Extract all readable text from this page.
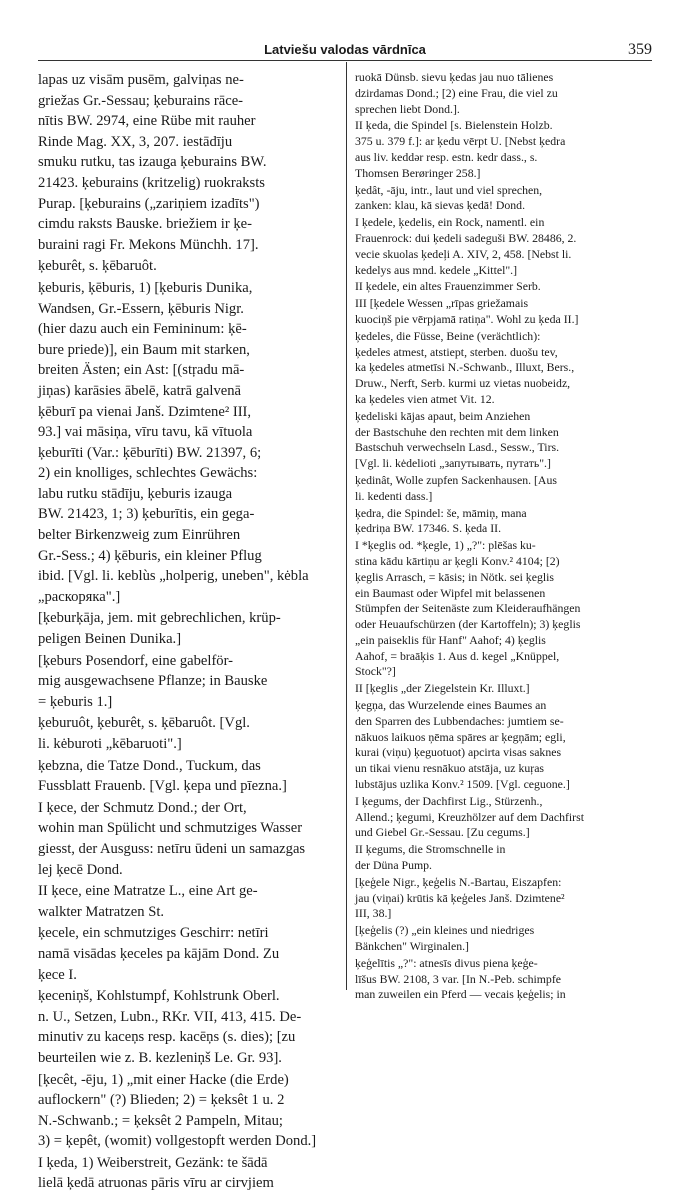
Latviešu valodas vārdnīca	359
lapas uz visām pusēm, galviņas ne-
griežas Gr.-Sessau; ķeburains rāce-
nītis BW. 2974, eine Rübe mit rauher
Rinde Mag. XX, 3, 207. iestādīju
smuku rutku, tas izauga ķeburains BW.
21423. ķeburains (kritzelig) ruokraksts
Purap. [ķeburains („zariņiem izadīts")
cimdu raksts Bauske. briežiem ir ķe-
buraini ragi Fr. Mekons Münchh. 17].
ķeburêt, s. ķēbaruôt.
ķeburis, ķēburis, 1) [ķeburis Dunika,
Wandsen, Gr.-Essern, ķēburis Nigr.
(hier dazu auch ein Femininum: ķē-
bure priede)], ein Baum mit starken,
breiten Ästen; ein Ast: [(stŗadu mā-
jiņas) karāsies ābelē, katrā galvenā
ķēburī pa vienai Janš. Dzimtene² III,
93.] vai māsiņa, vīru tavu, kā vītuola
ķeburīti (Var.: ķēburīti) BW. 21397, 6;
2) ein knolliges, schlechtes Gewächs:
labu rutku stādīju, ķeburis izauga
BW. 21423, 1; 3) ķeburītis, ein gega-
belter Birkenzweig zum Einrühren
Gr.-Sess.; 4) ķēburis, ein kleiner Pflug
ibid. [Vgl. li. keblùs „holperig, uneben", kėbla
„раскоряка".]
[ķeburķāja, jem. mit gebrechlichen, krüp-
peligen Beinen Dunika.]
[ķeburs Posendorf, eine gabelför-
mig ausgewachsene Pflanze; in Bauske
= ķeburis 1.]
ķeburuôt, ķeburêt, s. ķēbaruôt. [Vgl.
li. kėburoti „kēbaruoti".]
ķebzna, die Tatze Dond., Tuckum, das
Fussblatt Frauenb. [Vgl. ķepa und pīezna.]
I ķece, der Schmutz Dond.; der Ort,
wohin man Spülicht und schmutziges Wasser
giesst, der Ausguss: netīru ūdeni un samazgas
lej ķecē Dond.
II ķece, eine Matratze L., eine Art ge-
walkter Matratzen St.
ķecele, ein schmutziges Geschirr: netīri
namā visādas ķeceles pa kājām Dond. Zu
ķece I.
ķeceniņš, Kohlstumpf, Kohlstrunk Oberl.
n. U., Setzen, Lubn., RKr. VII, 413, 415. De-
minutiv zu kaceņs resp. kacēņs (s. dies); [zu
beurteilen wie z. B. kezleniņš Le. Gr. 93].
[ķecêt, -ēju, 1) „mit einer Hacke (die Erde)
auflockern" (?) Blieden; 2) = ķeksêt 1 u. 2
N.-Schwanb.; = ķeksêt 2 Pampeln, Mitau;
3) = ķepêt, (womit) vollgestopft werden Dond.]
I ķeda, 1) Weiberstreit, Gezänk: te šādā
lielā ķedā atruonas pāris vīru ar cirvjiem
ruokā Dünsb. sievu ķedas jau nuo tālienes
dzirdamas Dond.; [2) eine Frau, die viel zu
sprechen liebt Dond.].
II ķeda, die Spindel [s. Bielenstein Holzb.
375 u. 379 f.]: ar ķedu vērpt U. [Nebst ķedra
aus liv. keddǝr resp. estn. kedr dass., s.
Thomsen Berøringer 258.]
ķedât, -āju, intr., laut und viel sprechen,
zanken: klau, kā sievas ķedā! Dond.
I ķedele, ķedelis, ein Rock, namentl. ein
Frauenrock: dui ķedeli sadeguši BW. 28486, 2.
vecie skuolas ķedeļi A. XIV, 2, 458. [Nebst li.
kedelys aus mnd. kedele „Kittel".]
II ķedele, ein altes Frauenzimmer Serb.
III [ķedele Wessen „rīpas griežamais
kuociņš pie vērpjamā ratiņa". Wohl zu ķeda II.]
ķedeles, die Füsse, Beine (verächtlich):
ķedeles atmest, atstiept, sterben. duošu tev,
ka ķedeles atmetīsi N.-Schwanb., Illuxt, Bers.,
Druw., Nerft, Serb. kurmi uz vietas nuobeidz,
ka ķedeles vien atmet Vit. 12.
ķedeliski kājas apaut, beim Anziehen
der Bastschuhe den rechten mit dem linken
Bastschuh verwechseln Lasd., Sessw., Tirs.
[Vgl. li. kėdelioti „запутывать, путать".]
ķedinât, Wolle zupfen Sackenhausen. [Aus
li. kedenti dass.]
ķedra, die Spindel: še, māmiņ, mana
ķedriņa BW. 17346. S. ķeda II.
I *ķeglis od. *ķegle, 1) „?": plēšas ku-
stina kādu kārtiņu ar ķegli Konv.² 4104; [2)
ķeglis Arrasch, = kāsis; in Nötk. sei ķeglis
ein Baumast oder Wipfel mit belassenen
Stümpfen der Seitenäste zum Kleideraufhängen
oder Heuaufschürzen (der Kartoffeln); 3) ķeglis
„ein paiseklis für Hanf" Aahof; 4) ķeglis
Aahof, = braāķis 1. Aus d. kegel „Knüppel,
Stock"?]
II [ķeglis „der Ziegelstein Kr. Illuxt.]
ķegņa, das Wurzelende eines Baumes an
den Sparren des Lubbendaches: jumtiem se-
nākuos laikuos ņēma spāres ar ķegņām; egli,
kurai (viņu) ķeguotuot) apcirta visas saknes
un tikai vienu resnākuo atstāja, uz kuŗas
lubstājus uzlika Konv.² 1509. [Vgl. ceguone.]
I ķegums, der Dachfirst Lig., Stürzenh.,
Allend.; ķegumi, Kreuzhölzer auf dem Dachfirst
und Giebel Gr.-Sessau. [Zu cegums.]
II ķegums, die Stromschnelle in
der Düna Pump.
[ķeģele Nigr., ķeģelis N.-Bartau, Eiszapfen:
jau (viņai) krūtis kā ķeģeles Janš. Dzimtene²
III, 38.]
[ķeģelis (?) „ein kleines und niedriges
Bänkchen" Wirginalen.]
ķeģelītis „?": atnesīs divus piena ķeģe-
līšus BW. 2108, 3 var. [In N.-Peb. schimpfe
man zuweilen ein Pferd — vecais ķeģelis; in
